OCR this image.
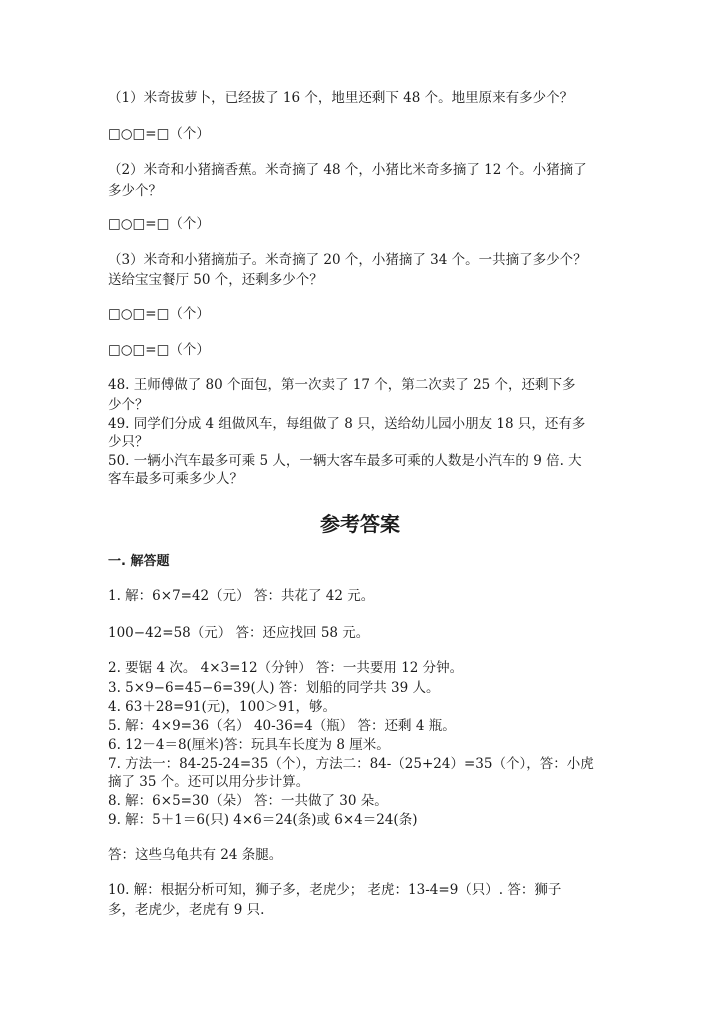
（1）米奇拔萝卜，已经拔了 16 个，地里还剩下 48 个。地里原来有多少个？
□○□=□（个）
（2）米奇和小猪摘香蕉。米奇摘了 48 个，小猪比米奇多摘了 12 个。小猪摘了
多少个？
□○□=□（个）
（3）米奇和小猪摘茄子。米奇摘了 20 个，小猪摘了 34 个。一共摘了多少个？
送给宝宝餐厅 50 个，还剩多少个？
□○□=□（个）
□○□=□（个）
48. 王师傅做了 80 个面包，第一次卖了 17 个，第二次卖了 25 个，还剩下多
少个？
49. 同学们分成 4 组做风车，每组做了 8 只，送给幼儿园小朋友 18 只，还有多
少只？
50. 一辆小汽车最多可乘 5 人，一辆大客车最多可乘的人数是小汽车的 9 倍. 大
客车最多可乘多少人？
参考答案
一. 解答题
1. 解：6×7=42（元） 答：共花了 42 元。
100−42=58（元） 答：还应找回 58 元。
2. 要锯 4 次。 4×3=12（分钟） 答：一共要用 12 分钟。
3. 5×9−6=45−6=39(人) 答：划船的同学共 39 人。
4. 63＋28=91(元)，100＞91，够。
5. 解：4×9=36（名） 40-36=4（瓶） 答：还剩 4 瓶。
6. 12－4＝8(厘米)答：玩具车长度为 8 厘米。
7. 方法一：84-25-24=35（个），方法二：84-（25+24）=35（个），答：小虎
摘了 35 个。还可以用分步计算。
8. 解：6×5=30（朵） 答：一共做了 30 朵。
9. 解：5＋1＝6(只) 4×6＝24(条)或 6×4＝24(条)
答：这些乌龟共有 24 条腿。
10. 解：根据分析可知，狮子多，老虎少； 老虎：13-4=9（只）. 答：狮子
多，老虎少，老虎有 9 只.
